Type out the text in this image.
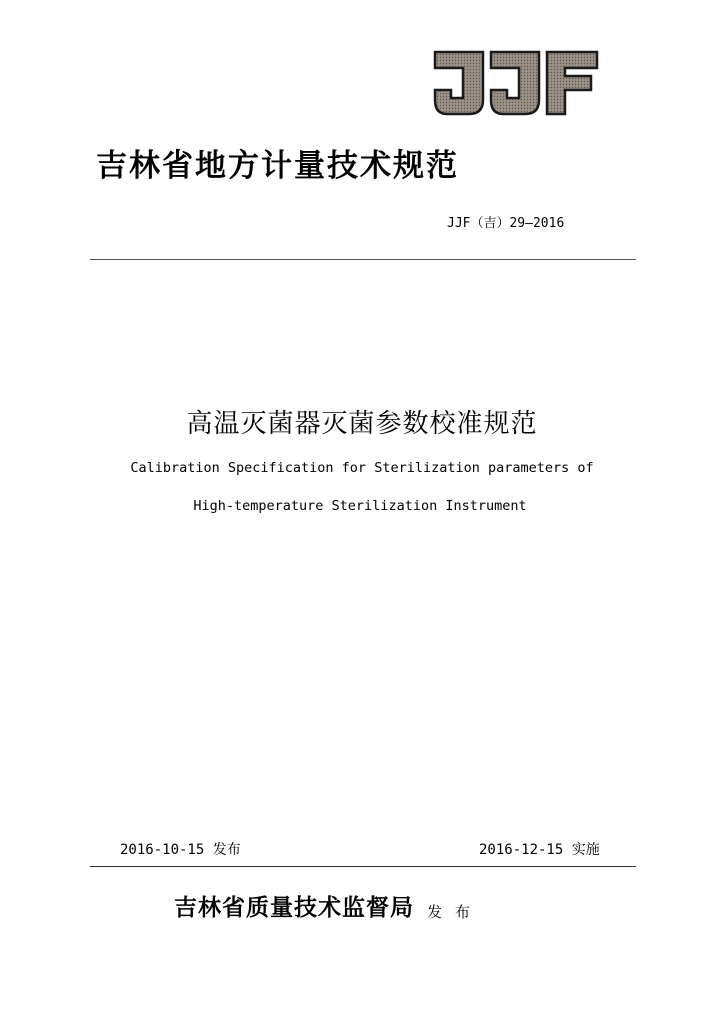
吉林省地方计量技术规范
JJF（吉）29—2016
高温灭菌器灭菌参数校准规范
Calibration Specification for Sterilization parameters of
High-temperature Sterilization Instrument
2016-10-15 发布	2016-12-15 实施
吉林省质量技术监督局 发 布
